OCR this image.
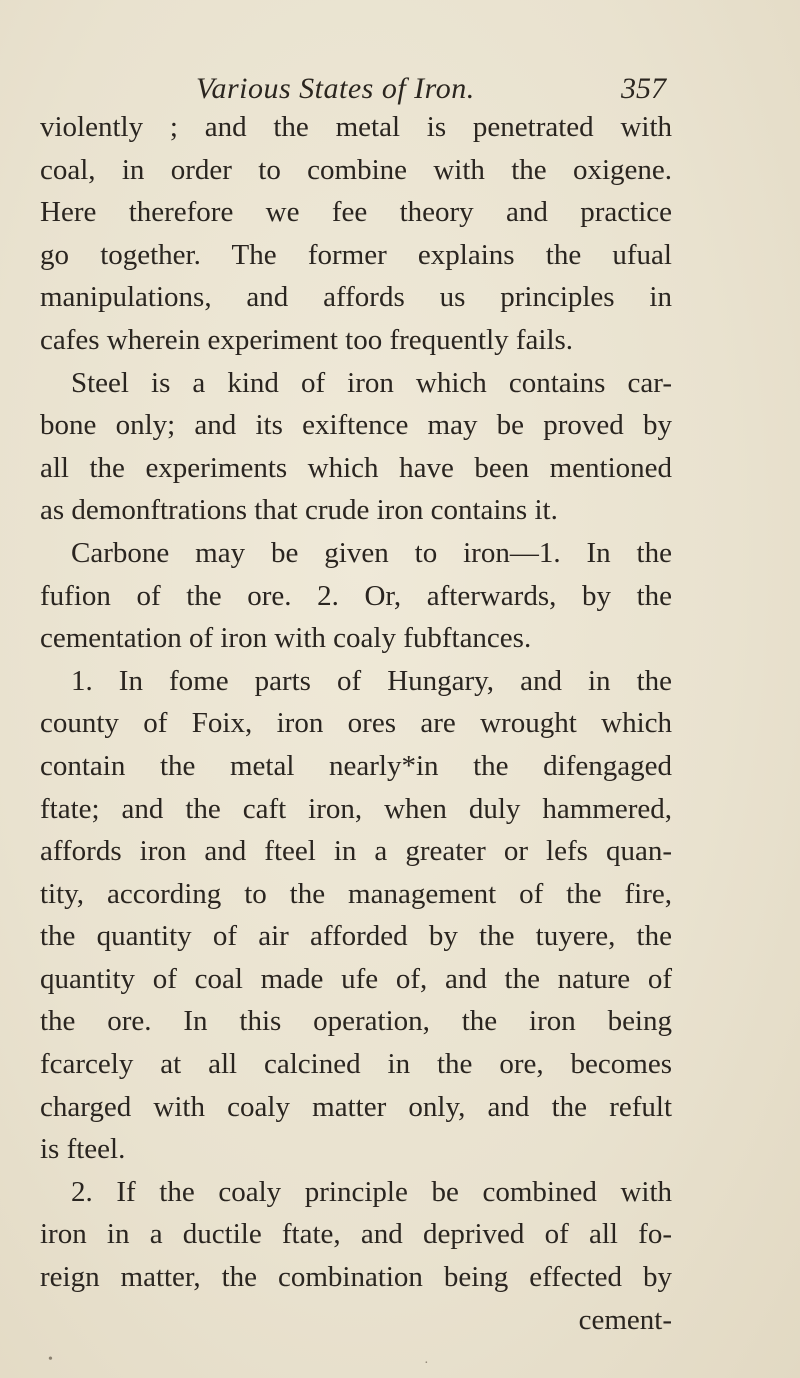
Various States of Iron.	357
violently ; and the metal is penetrated with
coal, in order to combine with the oxigene.
Here therefore we fee theory and practice
go together. The former explains the ufual
manipulations, and affords us principles in
cafes wherein experiment too frequently fails.
Steel is a kind of iron which contains car-
bone only; and its exiftence may be proved by
all the experiments which have been mentioned
as demonftrations that crude iron contains it.
Carbone may be given to iron—1. In the
fufion of the ore. 2. Or, afterwards, by the
cementation of iron with coaly fubftances.
1. In fome parts of Hungary, and in the
county of Foix, iron ores are wrought which
contain the metal nearly*in the difengaged
ftate; and the caft iron, when duly hammered,
affords iron and fteel in a greater or lefs quan-
tity, according to the management of the fire,
the quantity of air afforded by the tuyere, the
quantity of coal made ufe of, and the nature of
the ore. In this operation, the iron being
fcarcely at all calcined in the ore, becomes
charged with coaly matter only, and the refult
is fteel.
2. If the coaly principle be combined with
iron in a ductile ftate, and deprived of all fo-
reign matter, the combination being effected by
cement-
•	·
